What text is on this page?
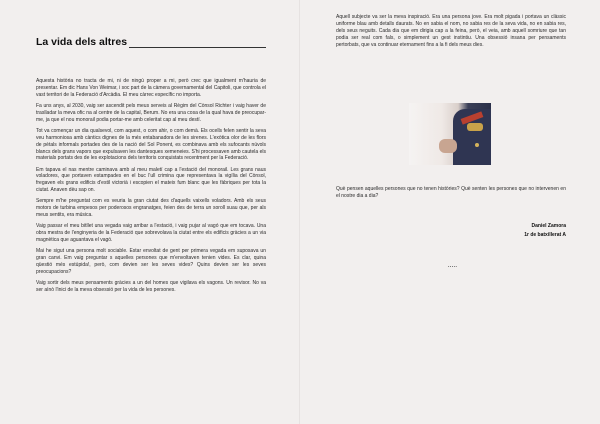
La vida dels altres

Aquesta història no tracta de mi, ni de ningú proper a mi, però crec que igualment m'hauria de presentar. Em dic Hans Von Weimar, i soc part de la càmera governamental del Capitoli, que controla el vast territori de la Federació d'Arcàdia. El meu càrrec específic no importa.

Fa uns anys, al 2030, vaig ser ascendit pels meus serveis al Règim del Cònsol Richter i vaig haver de traslladar la meva ofic na al centre de la capital, Berum. No era una cosa de la qual hava de preocupar-me, ja que el nou monorail podia portar-me amb celeritat cap al meu destí.

Tot va començar un dia qualsevol, com aquest, o com ahir, o com demà. Els ocells felen sentir la seva veu harmoniosa amb càntics dignes de la més entabanadora de les sirenes. L'exòtica olor de les flors de pètals informals portades des de la nació del Sol Ponent, es combinava amb els sufocants núvols blancs dels grans vapors que expulsaven les dantesques xemeneies. S'hi processaven amb cautela els materials portats des de les explotacions dels territoris conquistats recentment per la Federació.

Em tapava el nas mentre caminava amb al meu maletí cap a l'estació del monorail. Les grans naus voladores, que portaven estampades en el buc l'ull crimina que representava la vigília del Cònsol, fregaven els grans edificis d'estil victorià i escopien el mateix fum blanc que les fàbriques per tota la ciutat. Anaven dèu sap on.

Sempre m'he preguntat com es veuria la gran ciutat des d'aquells vaixells voladors. Amb els seus motors de turbina empesos per poderosos engranatges, feien des de terra un soroll suau que, per als meus sentits, era música.

Vaig passar el meu bitllet una vegada vaig arribar a l'estació, i vaig pujar al vagó que em tocava. Una obra mestra de l'enginyeria de la Federació que sobrevolava la ciutat entre els edificis gràcies a un via magnètica que aguantava el vagó.

Mai he sigut una persona molt sociable. Estar envoltat de gent per primera vegada em suposava un gran canvi. Em vaig preguntar s aquelles persones que m'envoltaven tenien vides. Es clar, quina qüestió més estúpida!, però, com devien ser les seves vides? Quins devien ser les seves preocupacions?

Vaig sortir dels meus pensaments gràcies a un del homes que vigilava els vagons. Un revisor. No va ser aìnò l'inici de la meva obsessió per la vida de les persones.

Aquell subjecte va ser la meva inspiració. Era una persona jove. Era molt pigada i portava un clàssic uniforme blau amb detalls daurats. No en sabia el nom, no sabia res de la seva vida, no en sabia res, dels seus neguits. Cada dia que em dirigia cap a la feina, però, el veia, amb aquell somriure que tan podia ser real com fals, o simplement un gest instintiu. Una obsessió insana per pensaments pertorbats, que va continuar eternament fins a la fi dels meus dies.

Què pensen aquelles persones que no tenen històries? Què senten les persones que no intervenen en el nostre dia a dia?

Daniel Zamora
1r de batxillerat A
.....
